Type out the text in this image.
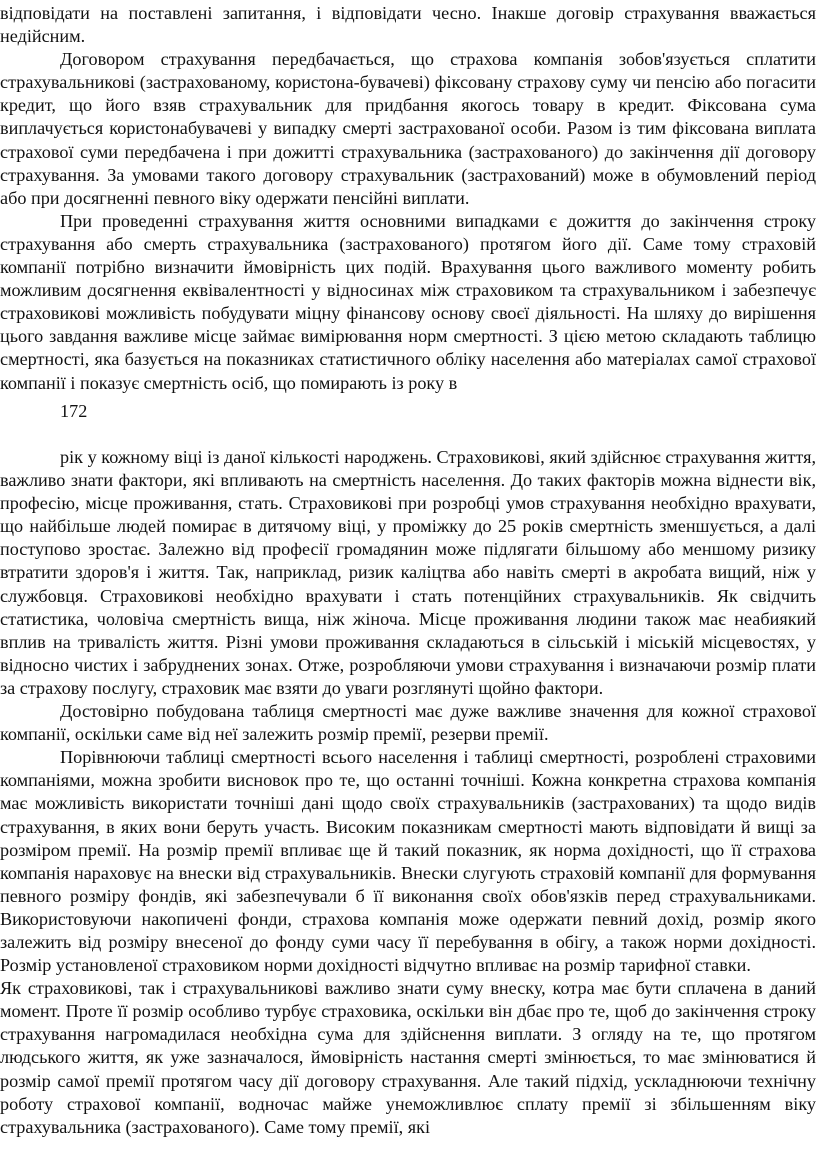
відповідати на поставлені запитання, і відповідати чесно. Інакше договір страхування вважається недійсним.

Договором страхування передбачається, що страхова компанія зобов'язується сплатити страхувальникові (застрахованому, користона-бувачеві) фіксовану страхову суму чи пенсію або погасити кредит, що його взяв страхувальник для придбання якогось товару в кредит. Фіксована сума виплачується користонабувачеві у випадку смерті застрахованої особи. Разом із тим фіксована виплата страхової суми передбачена і при дожитті страхувальника (застрахованого) до закінчення дії договору страхування. За умовами такого договору страхувальник (застрахований) може в обумовлений період або при досягненні певного віку одержати пенсійні виплати.

При проведенні страхування життя основними випадками є дожиття до закінчення строку страхування або смерть страхувальника (застрахованого) протягом його дії. Саме тому страховій компанії потрібно визначити ймовірність цих подій. Врахування цього важливого моменту робить можливим досягнення еквівалентності у відносинах між страховиком та страхувальником і забезпечує страховикові можливість побудувати міцну фінансову основу своєї діяльності. На шляху до вирішення цього завдання важливе місце займає вимірювання норм смертності. З цією метою складають таблицю смертності, яка базується на показниках статистичного обліку населення або матеріалах самої страхової компанії і показує смертність осіб, що помирають із року в

172

рік у кожному віці із даної кількості народжень. Страховикові, який здійснює страхування життя, важливо знати фактори, які впливають на смертність населення. До таких факторів можна віднести вік, професію, місце проживання, стать. Страховикові при розробці умов страхування необхідно врахувати, що найбільше людей помирає в дитячому віці, у проміжку до 25 років смертність зменшується, а далі поступово зростає. Залежно від професії громадянин може підлягати більшому або меншому ризику втратити здоров'я і життя. Так, наприклад, ризик каліцтва або навіть смерті в акробата вищий, ніж у службовця. Страховикові необхідно врахувати і стать потенційних страхувальників. Як свідчить статистика, чоловіча смертність вища, ніж жіноча. Місце проживання людини також має неабиякий вплив на тривалість життя. Різні умови проживання складаються в сільській і міській місцевостях, у відносно чистих і забруднених зонах. Отже, розробляючи умови страхування і визначаючи розмір плати за страхову послугу, страховик має взяти до уваги розглянуті щойно фактори.

Достовірно побудована таблиця смертності має дуже важливе значення для кожної страхової компанії, оскільки саме від неї залежить розмір премії, резерви премії.

Порівнюючи таблиці смертності всього населення і таблиці смертності, розроблені страховими компаніями, можна зробити висновок про те, що останні точніші. Кожна конкретна страхова компанія має можливість використати точніші дані щодо своїх страхувальників (застрахованих) та щодо видів страхування, в яких вони беруть участь. Високим показникам смертності мають відповідати й вищі за розміром премії. На розмір премії впливає ще й такий показник, як норма дохідності, що її страхова компанія нараховує на внески від страхувальників. Внески слугують страховій компанії для формування певного розміру фондів, які забезпечували б її виконання своїх обов'язків перед страхувальниками. Використовуючи накопичені фонди, страхова компанія може одержати певний дохід, розмір якого залежить від розміру внесеної до фонду суми часу її перебування в обігу, а також норми дохідності. Розмір установленої страховиком норми дохідності відчутно впливає на розмір тарифної ставки.

Як страховикові, так і страхувальникові важливо знати суму внеску, котра має бути сплачена в даний момент. Проте її розмір особливо турбує страховика, оскільки він дбає про те, щоб до закінчення строку страхування нагромадилася необхідна сума для здійснення виплати. З огляду на те, що протягом людського життя, як уже зазначалося, ймовірність настання смерті змінюється, то має змінюватися й розмір самої премії протягом часу дії договору страхування. Але такий підхід, ускладнюючи технічну роботу страхової компанії, водночас майже унеможливлює сплату премії зі збільшенням віку страхувальника (застрахованого). Саме тому премії, які
